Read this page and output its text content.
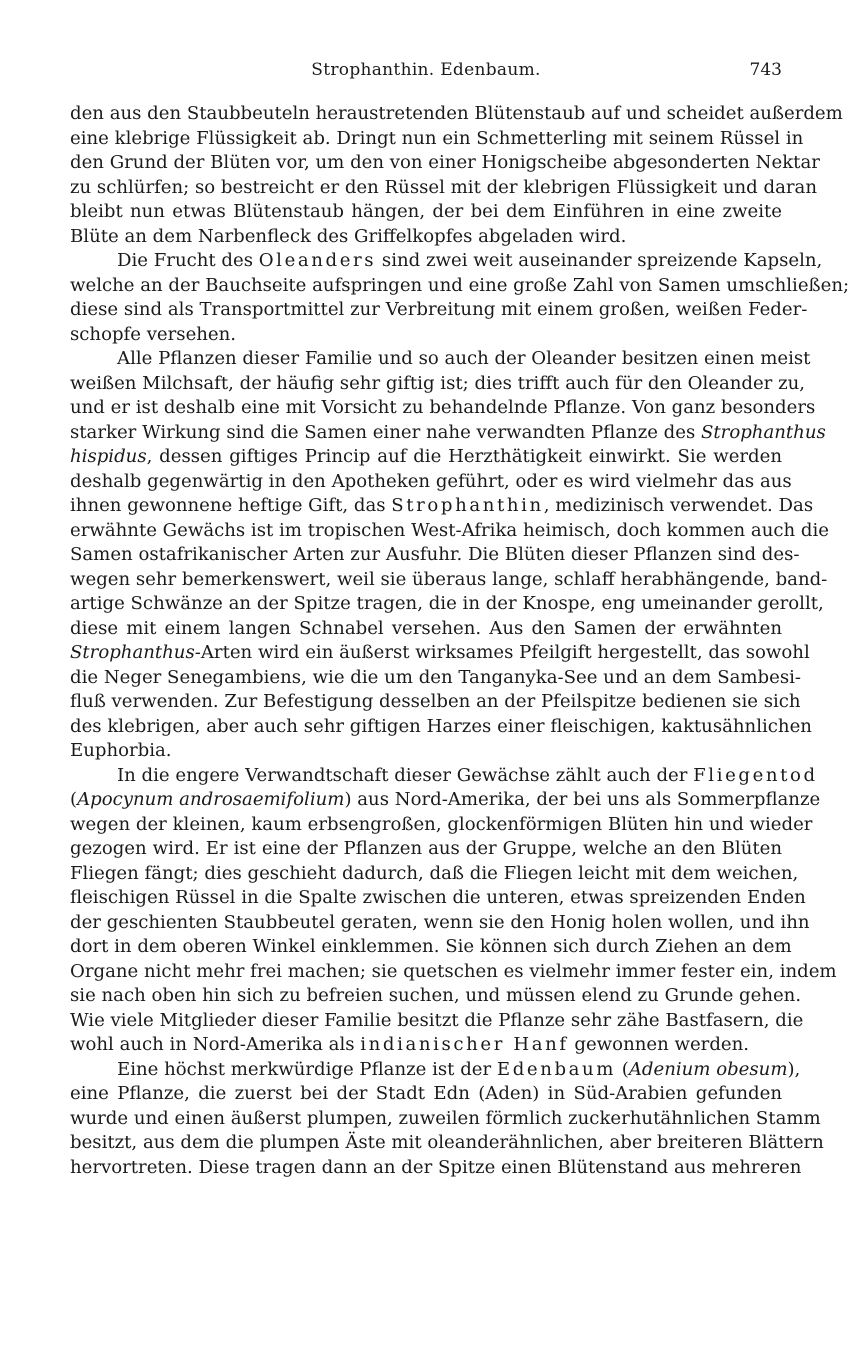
Strophanthin. Edenbaum.	743
den aus den Staubbeuteln heraustretenden Blütenstaub auf und scheidet außerdem
eine klebrige Flüssigkeit ab. Dringt nun ein Schmetterling mit seinem Rüssel in
den Grund der Blüten vor, um den von einer Honigscheibe abgesonderten Nektar
zu schlürfen; so bestreicht er den Rüssel mit der klebrigen Flüssigkeit und daran
bleibt nun etwas Blütenstaub hängen, der bei dem Einführen in eine zweite
Blüte an dem Narbenfleck des Griffelkopfes abgeladen wird.
Die Frucht des Oleanders sind zwei weit auseinander spreizende Kapseln,
welche an der Bauchseite aufspringen und eine große Zahl von Samen umschließen;
diese sind als Transportmittel zur Verbreitung mit einem großen, weißen Feder-
schopfe versehen.
Alle Pflanzen dieser Familie und so auch der Oleander besitzen einen meist
weißen Milchsaft, der häufig sehr giftig ist; dies trifft auch für den Oleander zu,
und er ist deshalb eine mit Vorsicht zu behandelnde Pflanze. Von ganz besonders
starker Wirkung sind die Samen einer nahe verwandten Pflanze des Strophanthus
hispidus, dessen giftiges Princip auf die Herzthätigkeit einwirkt. Sie werden
deshalb gegenwärtig in den Apotheken geführt, oder es wird vielmehr das aus
ihnen gewonnene heftige Gift, das Strophanthin, medizinisch verwendet. Das
erwähnte Gewächs ist im tropischen West-Afrika heimisch, doch kommen auch die
Samen ostafrikanischer Arten zur Ausfuhr. Die Blüten dieser Pflanzen sind des-
wegen sehr bemerkenswert, weil sie überaus lange, schlaff herabhängende, band-
artige Schwänze an der Spitze tragen, die in der Knospe, eng umeinander gerollt,
diese mit einem langen Schnabel versehen. Aus den Samen der erwähnten
Strophanthus-Arten wird ein äußerst wirksames Pfeilgift hergestellt, das sowohl
die Neger Senegambiens, wie die um den Tanganyka-See und an dem Sambesi-
fluß verwenden. Zur Befestigung desselben an der Pfeilspitze bedienen sie sich
des klebrigen, aber auch sehr giftigen Harzes einer fleischigen, kaktusähnlichen
Euphorbia.
In die engere Verwandtschaft dieser Gewächse zählt auch der Fliegentod
(Apocynum androsaemifolium) aus Nord-Amerika, der bei uns als Sommerpflanze
wegen der kleinen, kaum erbsengroßen, glockenförmigen Blüten hin und wieder
gezogen wird. Er ist eine der Pflanzen aus der Gruppe, welche an den Blüten
Fliegen fängt; dies geschieht dadurch, daß die Fliegen leicht mit dem weichen,
fleischigen Rüssel in die Spalte zwischen die unteren, etwas spreizenden Enden
der geschienten Staubbeutel geraten, wenn sie den Honig holen wollen, und ihn
dort in dem oberen Winkel einklemmen. Sie können sich durch Ziehen an dem
Organe nicht mehr frei machen; sie quetschen es vielmehr immer fester ein, indem
sie nach oben hin sich zu befreien suchen, und müssen elend zu Grunde gehen.
Wie viele Mitglieder dieser Familie besitzt die Pflanze sehr zähe Bastfasern, die
wohl auch in Nord-Amerika als indianischer Hanf gewonnen werden.
Eine höchst merkwürdige Pflanze ist der Edenbaum (Adenium obesum),
eine Pflanze, die zuerst bei der Stadt Edn (Aden) in Süd-Arabien gefunden
wurde und einen äußerst plumpen, zuweilen förmlich zuckerhutähnlichen Stamm
besitzt, aus dem die plumpen Äste mit oleanderähnlichen, aber breiteren Blättern
hervortreten. Diese tragen dann an der Spitze einen Blütenstand aus mehreren
